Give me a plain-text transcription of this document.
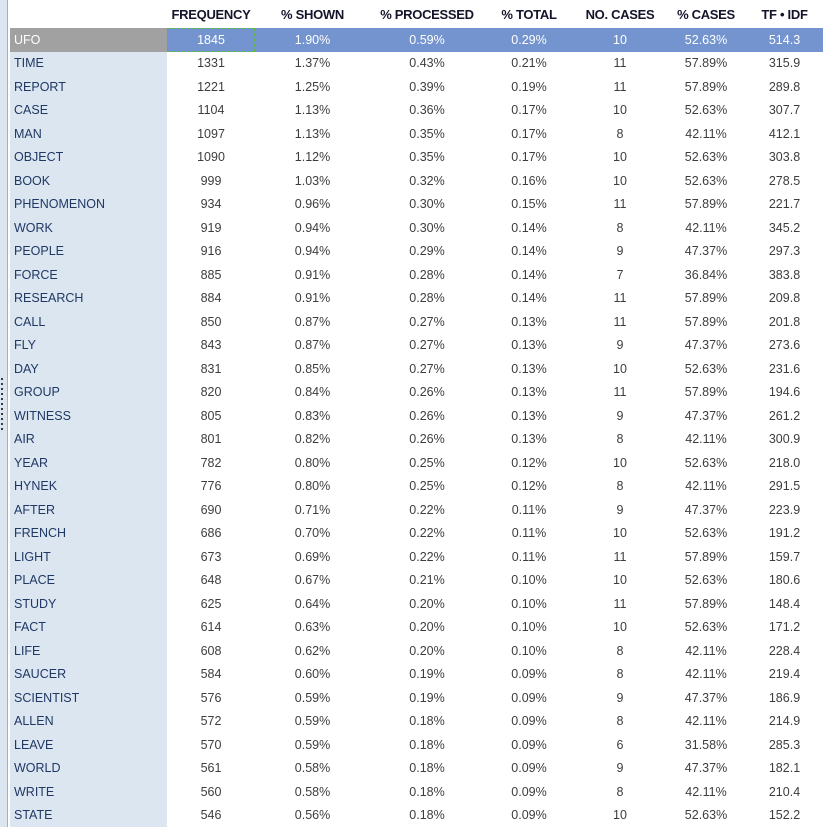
	FREQUENCY	% SHOWN	% PROCESSED	% TOTAL	NO. CASES	% CASES	TF • IDF
UFO	1845	1.90%	0.59%	0.29%	10	52.63%	514.3
TIME	1331	1.37%	0.43%	0.21%	11	57.89%	315.9
REPORT	1221	1.25%	0.39%	0.19%	11	57.89%	289.8
CASE	1104	1.13%	0.36%	0.17%	10	52.63%	307.7
MAN	1097	1.13%	0.35%	0.17%	8	42.11%	412.1
OBJECT	1090	1.12%	0.35%	0.17%	10	52.63%	303.8
BOOK	999	1.03%	0.32%	0.16%	10	52.63%	278.5
PHENOMENON	934	0.96%	0.30%	0.15%	11	57.89%	221.7
WORK	919	0.94%	0.30%	0.14%	8	42.11%	345.2
PEOPLE	916	0.94%	0.29%	0.14%	9	47.37%	297.3
FORCE	885	0.91%	0.28%	0.14%	7	36.84%	383.8
RESEARCH	884	0.91%	0.28%	0.14%	11	57.89%	209.8
CALL	850	0.87%	0.27%	0.13%	11	57.89%	201.8
FLY	843	0.87%	0.27%	0.13%	9	47.37%	273.6
DAY	831	0.85%	0.27%	0.13%	10	52.63%	231.6
GROUP	820	0.84%	0.26%	0.13%	11	57.89%	194.6
WITNESS	805	0.83%	0.26%	0.13%	9	47.37%	261.2
AIR	801	0.82%	0.26%	0.13%	8	42.11%	300.9
YEAR	782	0.80%	0.25%	0.12%	10	52.63%	218.0
HYNEK	776	0.80%	0.25%	0.12%	8	42.11%	291.5
AFTER	690	0.71%	0.22%	0.11%	9	47.37%	223.9
FRENCH	686	0.70%	0.22%	0.11%	10	52.63%	191.2
LIGHT	673	0.69%	0.22%	0.11%	11	57.89%	159.7
PLACE	648	0.67%	0.21%	0.10%	10	52.63%	180.6
STUDY	625	0.64%	0.20%	0.10%	11	57.89%	148.4
FACT	614	0.63%	0.20%	0.10%	10	52.63%	171.2
LIFE	608	0.62%	0.20%	0.10%	8	42.11%	228.4
SAUCER	584	0.60%	0.19%	0.09%	8	42.11%	219.4
SCIENTIST	576	0.59%	0.19%	0.09%	9	47.37%	186.9
ALLEN	572	0.59%	0.18%	0.09%	8	42.11%	214.9
LEAVE	570	0.59%	0.18%	0.09%	6	31.58%	285.3
WORLD	561	0.58%	0.18%	0.09%	9	47.37%	182.1
WRITE	560	0.58%	0.18%	0.09%	8	42.11%	210.4
STATE	546	0.56%	0.18%	0.09%	10	52.63%	152.2
